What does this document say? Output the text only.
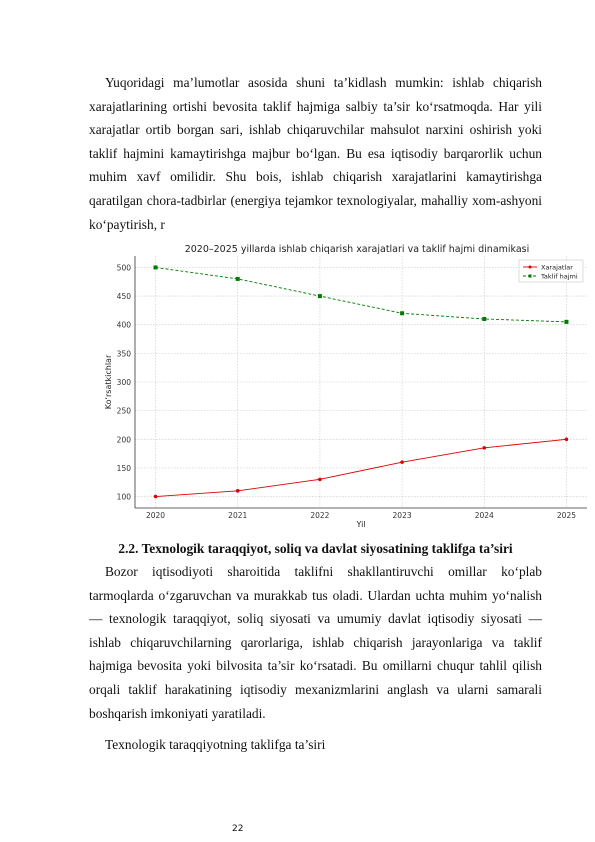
Yuqoridagi ma’lumotlar asosida shuni ta’kidlash mumkin: ishlab chiqarish xarajatlarining ortishi bevosita taklif hajmiga salbiy ta’sir ko‘rsatmoqda. Har yili xarajatlar ortib borgan sari, ishlab chiqaruvchilar mahsulot narxini oshirish yoki taklif hajmini kamaytirishga majbur bo‘lgan. Bu esa iqtisodiy barqarorlik uchun muhim xavf omilidir. Shu bois, ishlab chiqarish xarajatlarini kamaytirishga qaratilgan chora-tadbirlar (energiya tejamkor texnologiyalar, mahalliy xom-ashyoni ko‘paytirish, r

2020–2025 yillarda ishlab chiqarish xarajatlari va taklif hajmi dinamikasi
Ko‘rsatkichlar
Yil
100
150
200
250
300
350
400
450
500
2020	2021	2022	2023	2024	2025
Xarajatlar
Taklif hajmi

2.2. Texnologik taraqqiyot, soliq va davlat siyosatining taklifga ta’siri

Bozor iqtisodiyoti sharoitida taklifni shakllantiruvchi omillar ko‘plab tarmoqlarda o‘zgaruvchan va murakkab tus oladi. Ulardan uchta muhim yo‘nalish — texnologik taraqqiyot, soliq siyosati va umumiy davlat iqtisodiy siyosati — ishlab chiqaruvchilarning qarorlariga, ishlab chiqarish jarayonlariga va taklif hajmiga bevosita yoki bilvosita ta’sir ko‘rsatadi. Bu omillarni chuqur tahlil qilish orqali taklif harakatining iqtisodiy mexanizmlarini anglash va ularni samarali boshqarish imkoniyati yaratiladi.

Texnologik taraqqiyotning taklifga ta’siri

22
